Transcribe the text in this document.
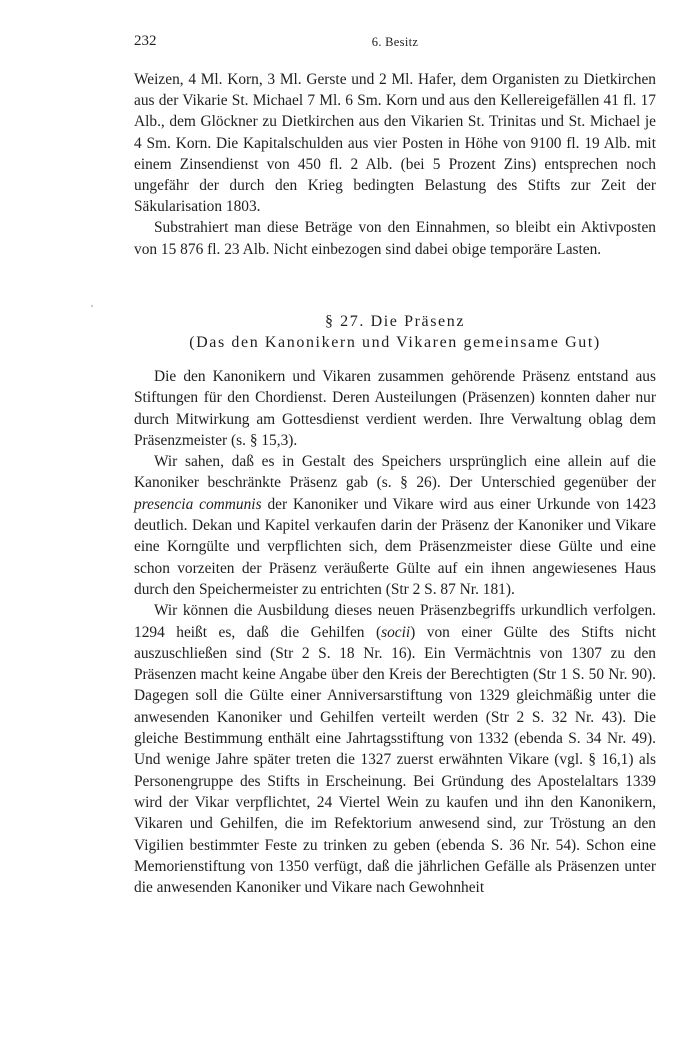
232	6. Besitz

Weizen, 4 Ml. Korn, 3 Ml. Gerste und 2 Ml. Hafer, dem Organisten zu Dietkirchen aus der Vikarie St. Michael 7 Ml. 6 Sm. Korn und aus den Kellereigefällen 41 fl. 17 Alb., dem Glöckner zu Dietkirchen aus den Vikarien St. Trinitas und St. Michael je 4 Sm. Korn. Die Kapitalschulden aus vier Posten in Höhe von 9100 fl. 19 Alb. mit einem Zinsendienst von 450 fl. 2 Alb. (bei 5 Prozent Zins) entsprechen noch ungefähr der durch den Krieg bedingten Belastung des Stifts zur Zeit der Säkularisation 1803.

Substrahiert man diese Beträge von den Einnahmen, so bleibt ein Aktivposten von 15 876 fl. 23 Alb. Nicht einbezogen sind dabei obige temporäre Lasten.

§ 27. Die Präsenz
(Das den Kanonikern und Vikaren gemeinsame Gut)

Die den Kanonikern und Vikaren zusammen gehörende Präsenz entstand aus Stiftungen für den Chordienst. Deren Austeilungen (Präsenzen) konnten daher nur durch Mitwirkung am Gottesdienst verdient werden. Ihre Verwaltung oblag dem Präsenzmeister (s. § 15,3).

Wir sahen, daß es in Gestalt des Speichers ursprünglich eine allein auf die Kanoniker beschränkte Präsenz gab (s. § 26). Der Unterschied gegenüber der presencia communis der Kanoniker und Vikare wird aus einer Urkunde von 1423 deutlich. Dekan und Kapitel verkaufen darin der Präsenz der Kanoniker und Vikare eine Korngülte und verpflichten sich, dem Präsenzmeister diese Gülte und eine schon vorzeiten der Präsenz veräußerte Gülte auf ein ihnen angewiesenes Haus durch den Speichermeister zu entrichten (Str 2 S. 87 Nr. 181).

Wir können die Ausbildung dieses neuen Präsenzbegriffs urkundlich verfolgen. 1294 heißt es, daß die Gehilfen (socii) von einer Gülte des Stifts nicht auszuschließen sind (Str 2 S. 18 Nr. 16). Ein Vermächtnis von 1307 zu den Präsenzen macht keine Angabe über den Kreis der Berechtigten (Str 1 S. 50 Nr. 90). Dagegen soll die Gülte einer Anniversarstiftung von 1329 gleichmäßig unter die anwesenden Kanoniker und Gehilfen verteilt werden (Str 2 S. 32 Nr. 43). Die gleiche Bestimmung enthält eine Jahrtagsstiftung von 1332 (ebenda S. 34 Nr. 49). Und wenige Jahre später treten die 1327 zuerst erwähnten Vikare (vgl. § 16,1) als Personengruppe des Stifts in Erscheinung. Bei Gründung des Apostelaltars 1339 wird der Vikar verpflichtet, 24 Viertel Wein zu kaufen und ihn den Kanonikern, Vikaren und Gehilfen, die im Refektorium anwesend sind, zur Tröstung an den Vigilien bestimmter Feste zu trinken zu geben (ebenda S. 36 Nr. 54). Schon eine Memorienstiftung von 1350 verfügt, daß die jährlichen Gefälle als Präsenzen unter die anwesenden Kanoniker und Vikare nach Gewohnheit
